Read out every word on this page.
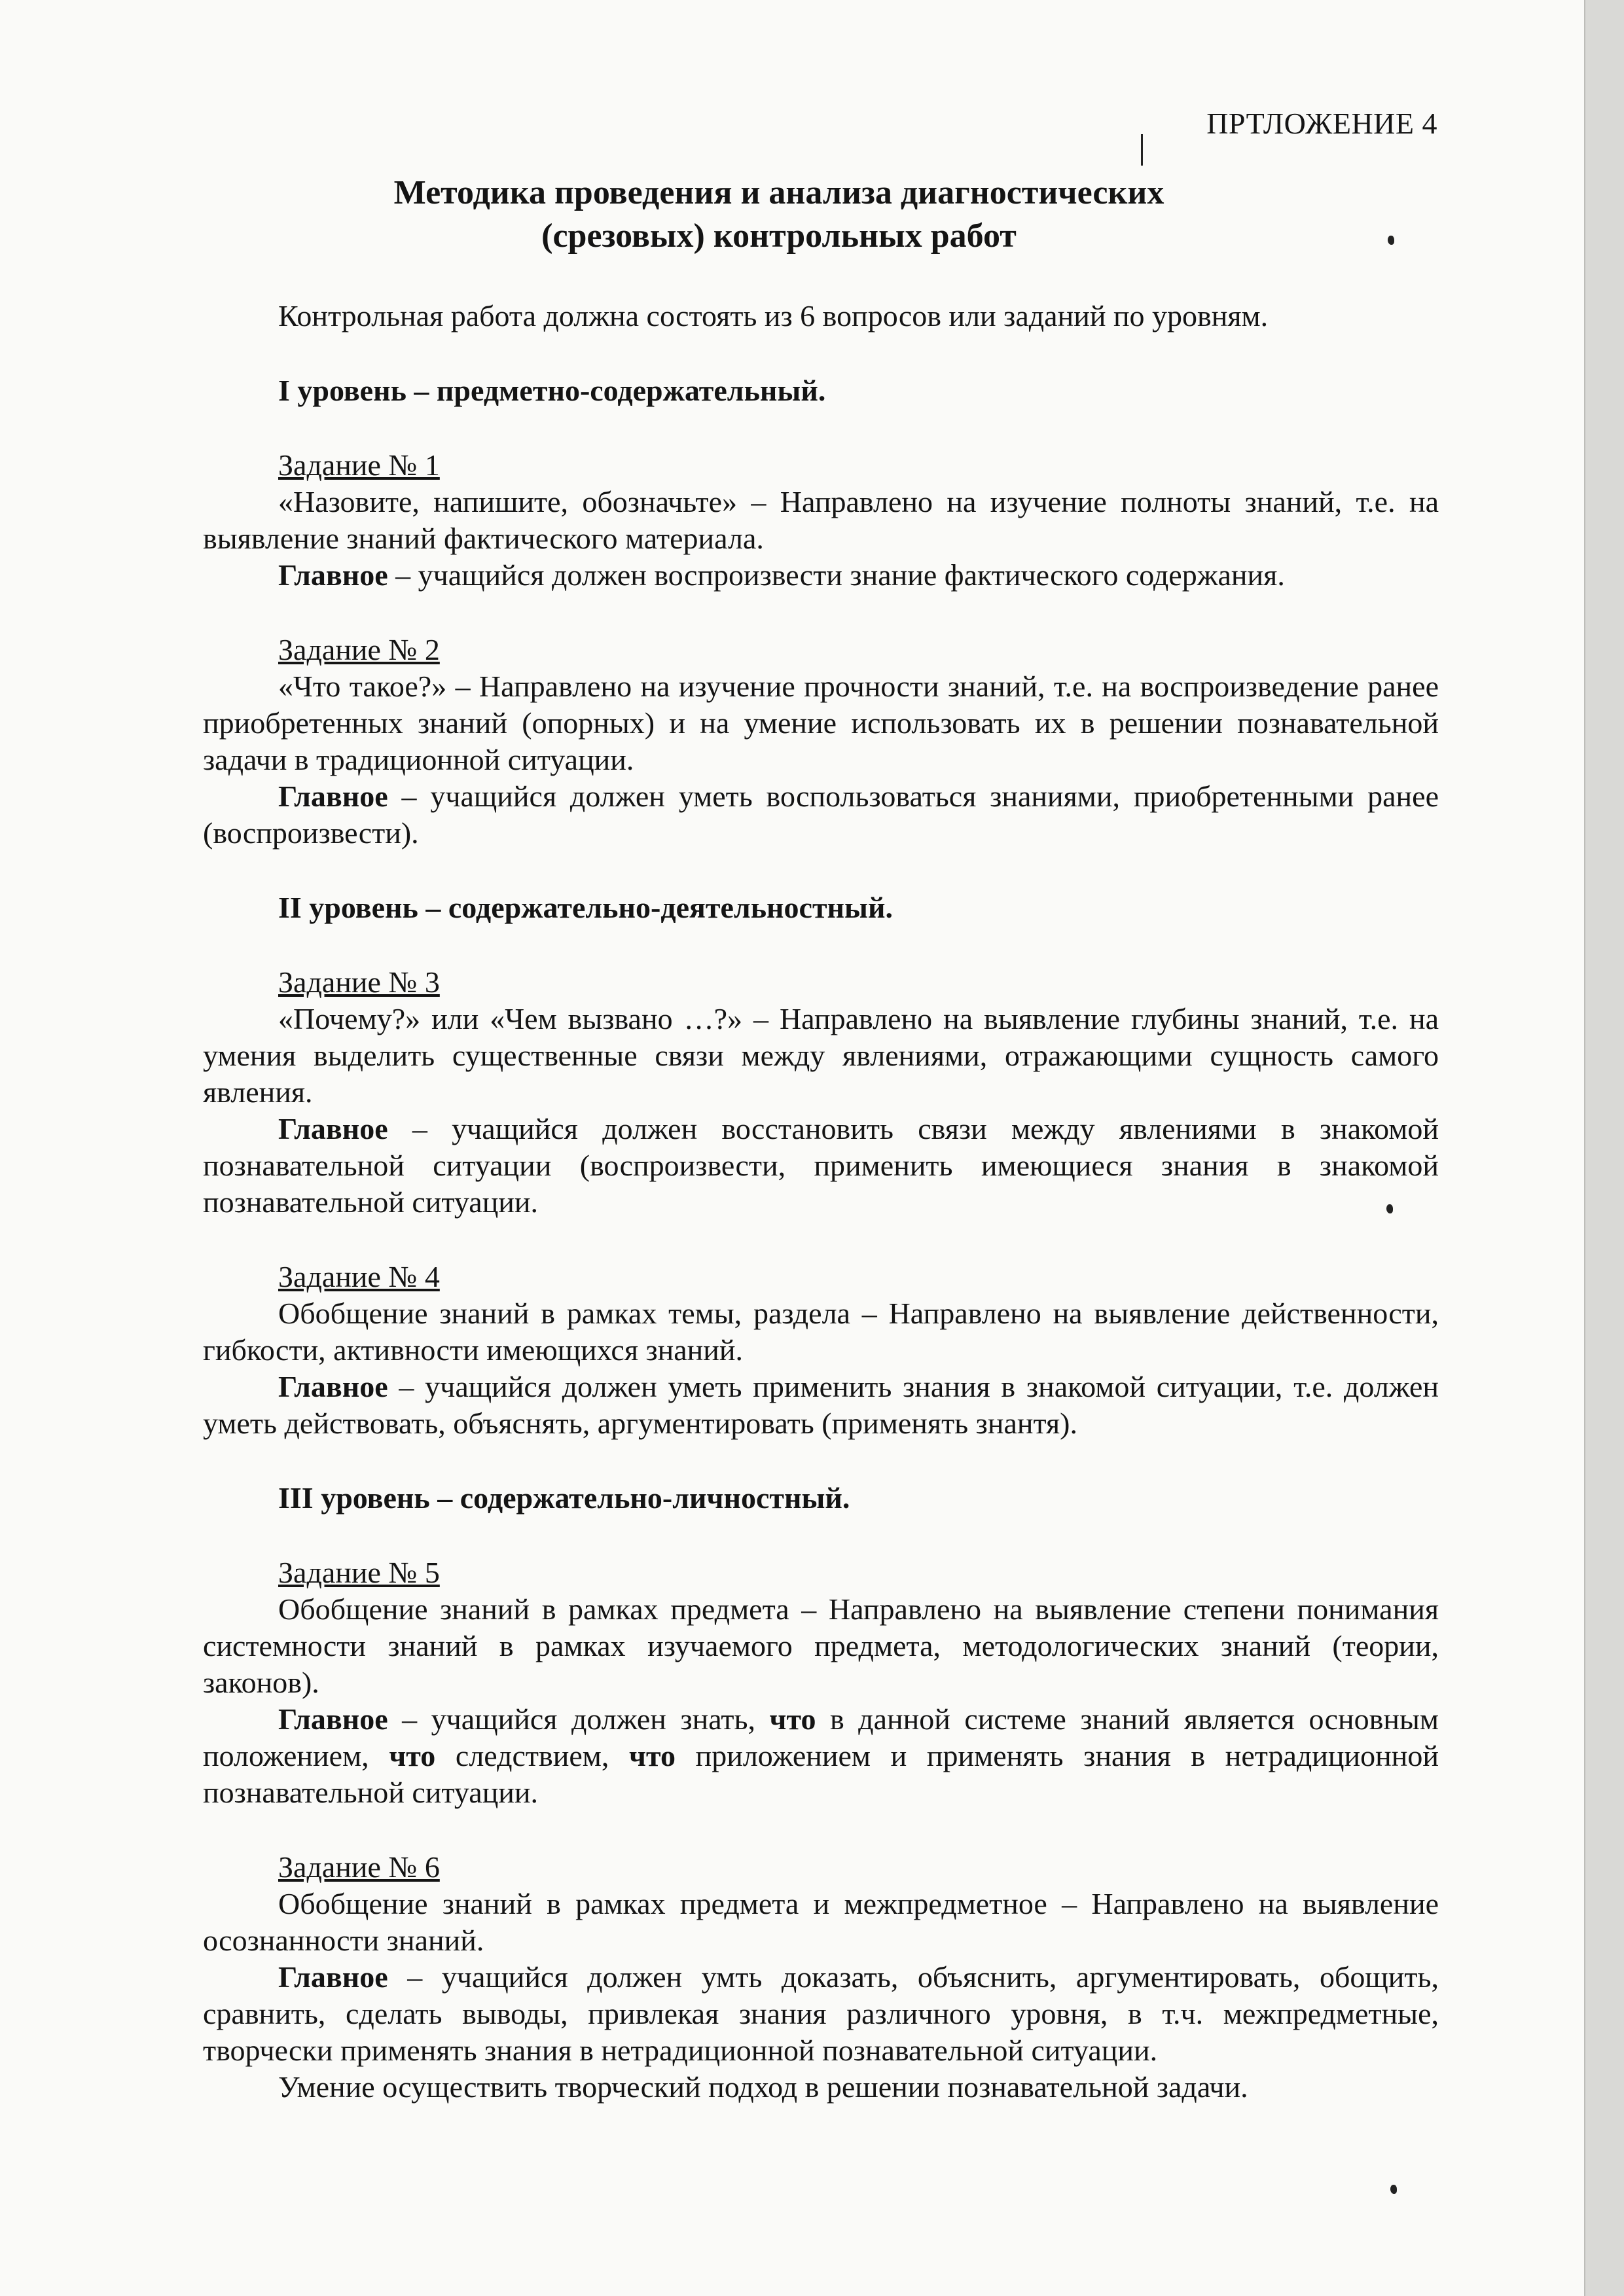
ПРТЛОЖЕНИЕ 4
Методика проведения и анализа диагностических
(срезовых) контрольных работ

Контрольная работа должна состоять из 6 вопросов или заданий по уровням.

I уровень – предметно-содержательный.

Задание № 1

«Назовите, напишите, обозначьте» – Направлено на изучение полноты знаний, т.е. на выявление знаний фактического материала.

Главное – учащийся должен воспроизвести знание фактического содержания.

Задание № 2

«Что такое?» – Направлено на изучение прочности знаний, т.е. на воспроизведение ранее приобретенных знаний (опорных) и на умение использовать их в решении познавательной задачи в традиционной ситуации.

Главное – учащийся должен уметь воспользоваться знаниями, приобретенными ранее (воспроизвести).

II уровень – содержательно-деятельностный.

Задание № 3

«Почему?» или «Чем вызвано …?» – Направлено на выявление глубины знаний, т.е. на умения выделить существенные связи между явлениями, отражающими сущность самого явления.

Главное – учащийся должен восстановить связи между явлениями в знакомой познавательной ситуации (воспроизвести, применить имеющиеся знания в знакомой познавательной ситуации.

Задание № 4

Обобщение знаний в рамках темы, раздела – Направлено на выявление действенности, гибкости, активности имеющихся знаний.

Главное – учащийся должен уметь применить знания в знакомой ситуации, т.е. должен уметь действовать, объяснять, аргументировать (применять знантя).

III уровень – содержательно-личностный.

Задание № 5

Обобщение знаний в рамках предмета – Направлено на выявление степени понимания системности знаний в рамках изучаемого предмета, методологических знаний (теории, законов).

Главное – учащийся должен знать, что в данной системе знаний является основным положением, что следствием, что приложением и применять знания в нетрадиционной познавательной ситуации.

Задание № 6

Обобщение знаний в рамках предмета и межпредметное – Направлено на выявление осознанности знаний.

Главное – учащийся должен умть доказать, объяснить, аргументировать, обощить, сравнить, сделать выводы, привлекая знания различного уровня, в т.ч. межпредметные, творчески применять знания в нетрадиционной познавательной ситуации.

Умение осуществить творческий подход в решении познавательной задачи.
